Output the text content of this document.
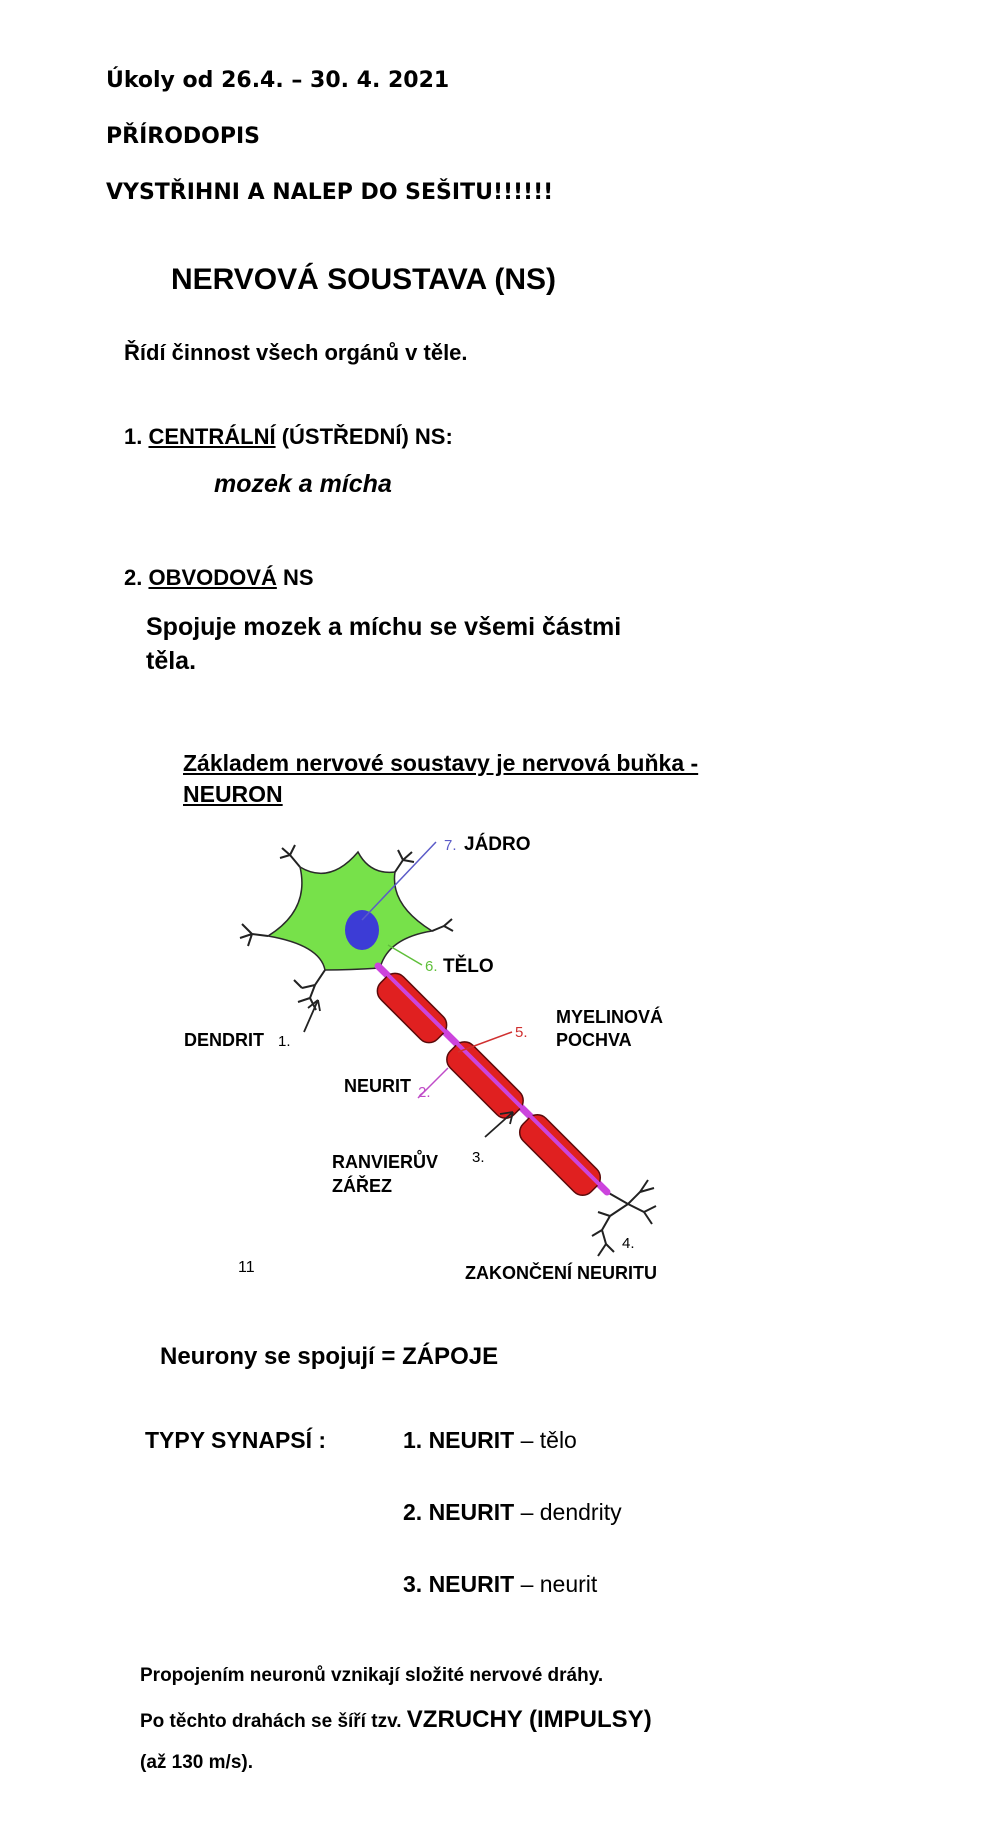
Úkoly od 26.4. – 30. 4. 2021
PŘÍRODOPIS
VYSTŘIHNI A NALEP DO SEŠITU!!!!!!
NERVOVÁ SOUSTAVA (NS)
Řídí činnost všech orgánů v těle.
1. CENTRÁLNÍ (ÚSTŘEDNÍ) NS:
mozek a mícha
2. OBVODOVÁ NS
Spojuje mozek a míchu se všemi částmi
těla.
Základem nervové soustavy je nervová buňka -
NEURON
7. JÁDRO
6. TĚLO
5.
MYELINOVÁ
POCHVA
DENDRIT 1.
NEURIT 2.
RANVIERŮV
ZÁŘEZ
3.
4.
11	ZAKONČENÍ NEURITU
Neurony se spojují = ZÁPOJE
TYPY SYNAPSÍ :	1. NEURIT – tělo
2. NEURIT – dendrity
3. NEURIT – neurit
Propojením neuronů vznikají složité nervové dráhy.
Po těchto drahách se šíří tzv. VZRUCHY (IMPULSY)
(až 130 m/s).
